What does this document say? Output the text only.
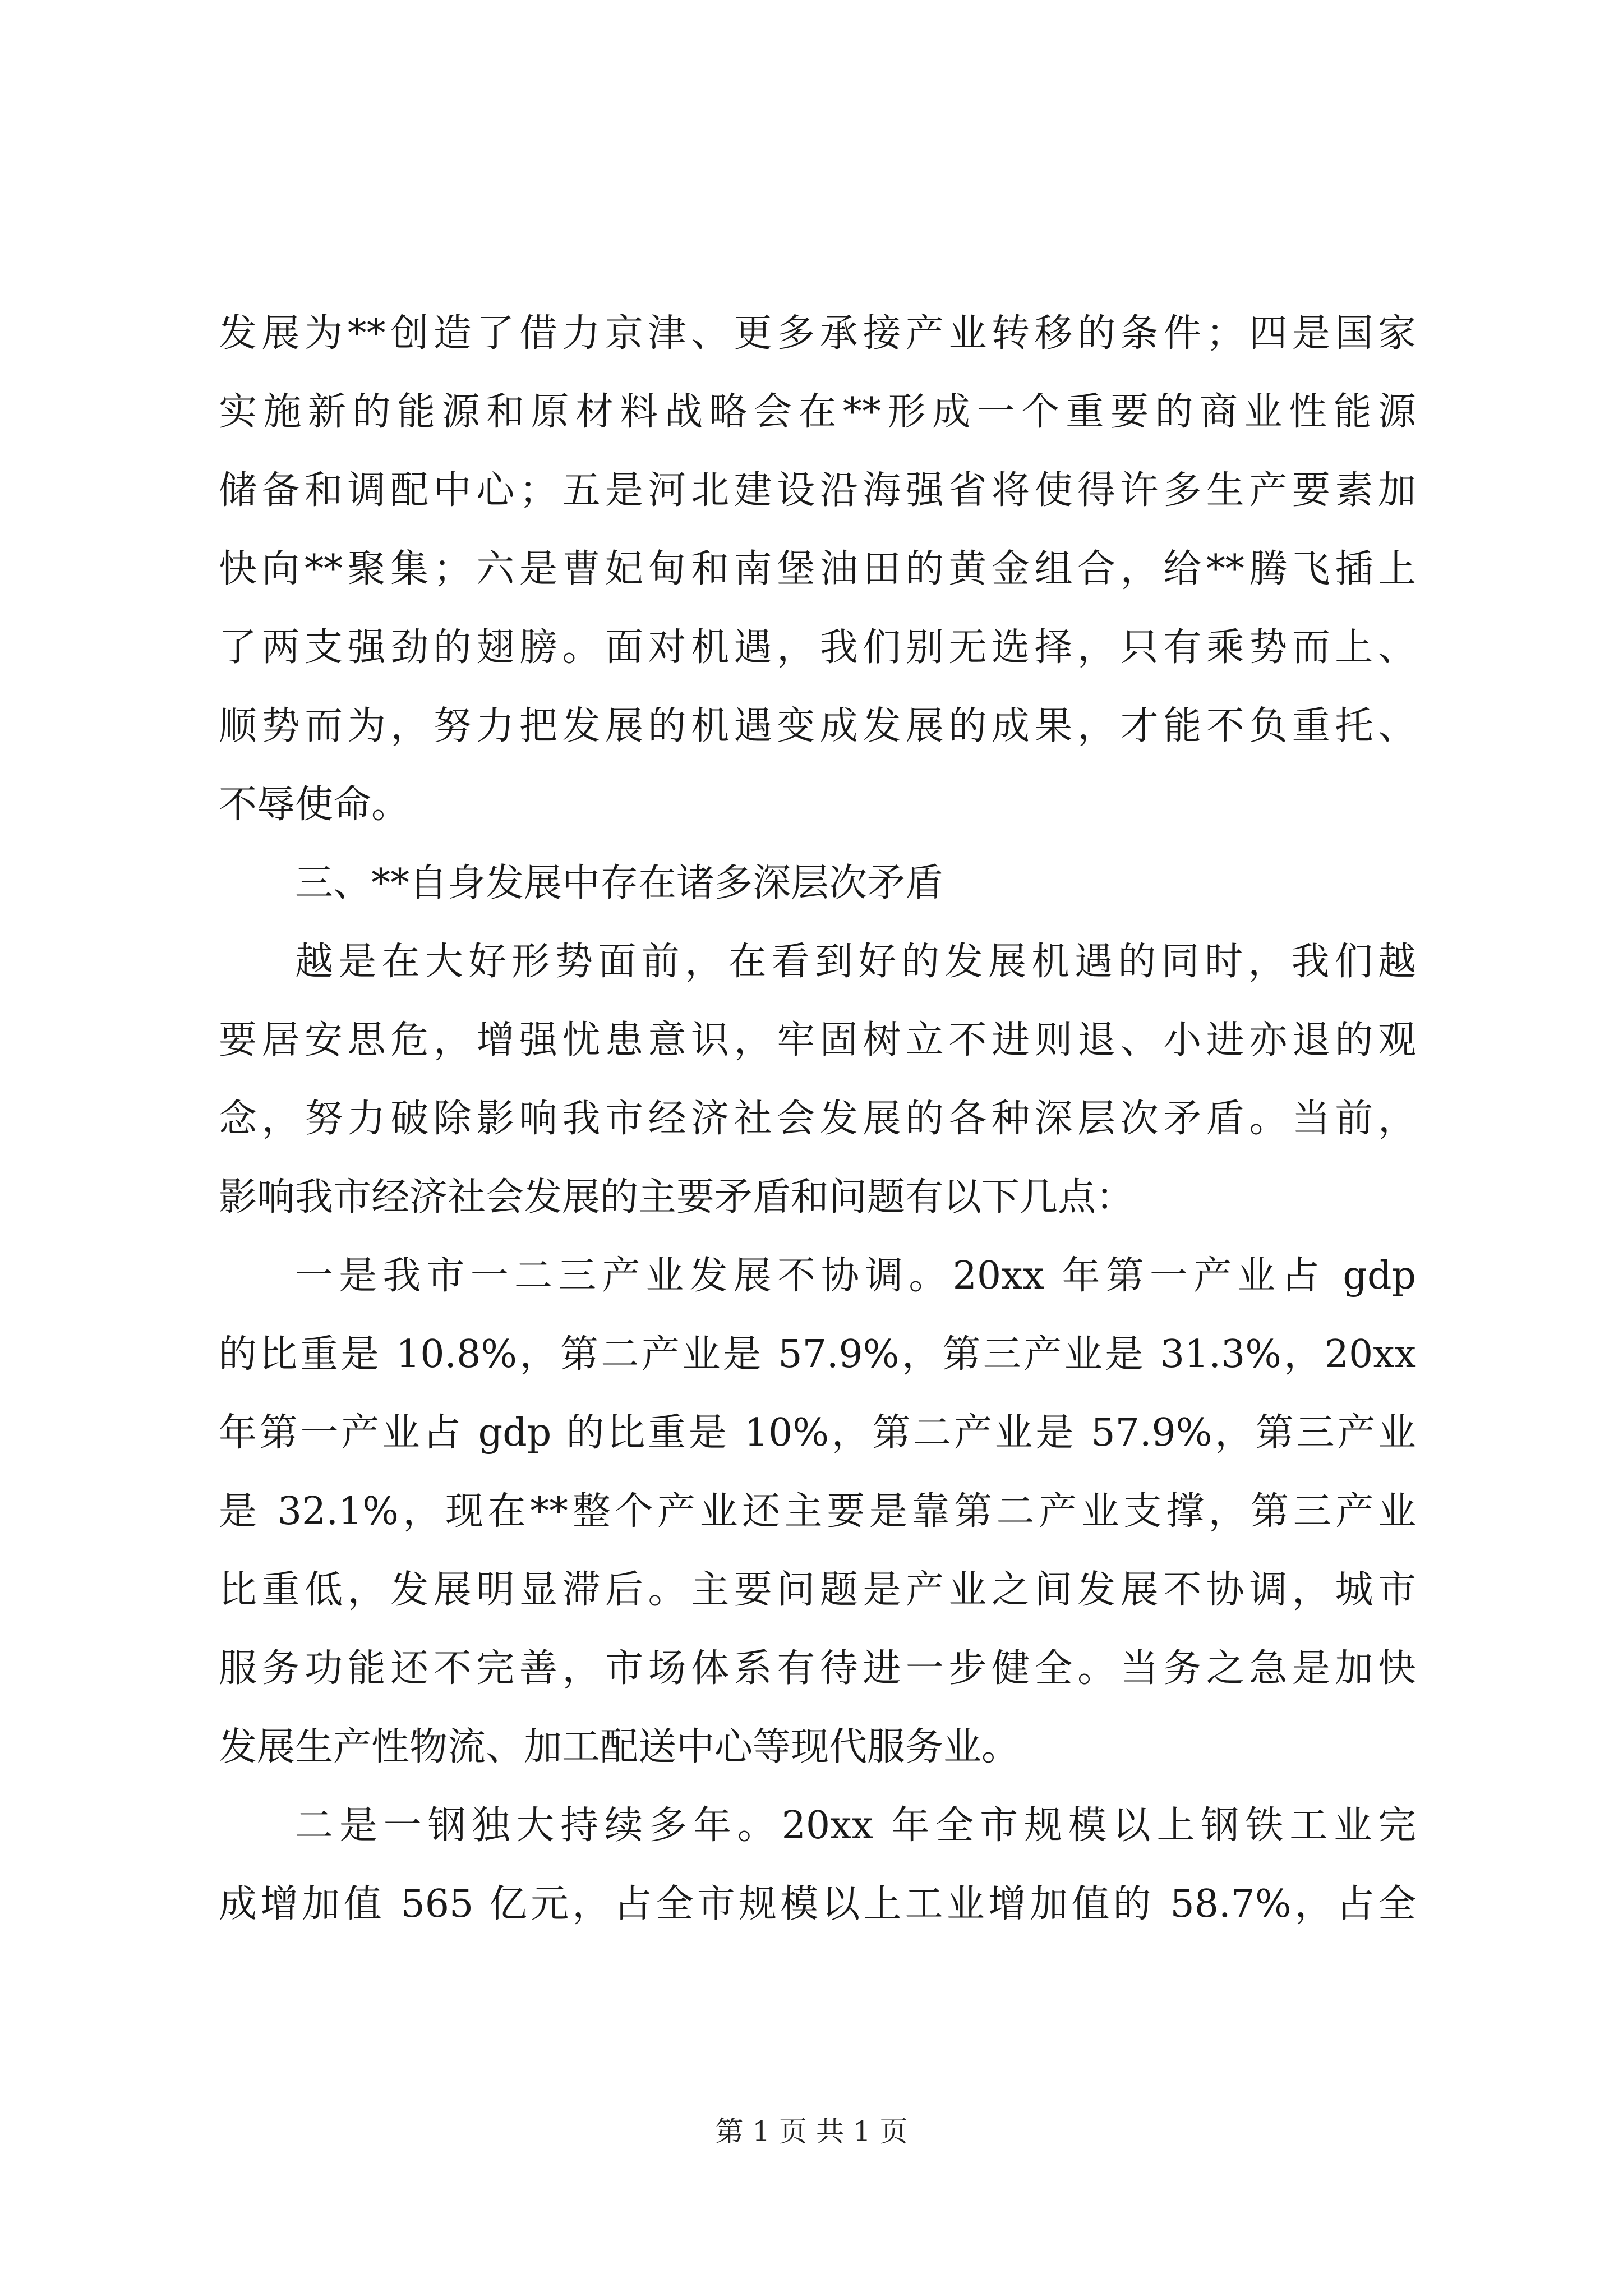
发展为**创造了借力京津、更多承接产业转移的条件；四是国家
实施新的能源和原材料战略会在**形成一个重要的商业性能源
储备和调配中心；五是河北建设沿海强省将使得许多生产要素加
快向**聚集；六是曹妃甸和南堡油田的黄金组合，给**腾飞插上
了两支强劲的翅膀。面对机遇，我们别无选择，只有乘势而上、
顺势而为，努力把发展的机遇变成发展的成果，才能不负重托、
不辱使命。
三、**自身发展中存在诸多深层次矛盾
越是在大好形势面前，在看到好的发展机遇的同时，我们越
要居安思危，增强忧患意识，牢固树立不进则退、小进亦退的观
念，努力破除影响我市经济社会发展的各种深层次矛盾。当前，
影响我市经济社会发展的主要矛盾和问题有以下几点：
一是我市一二三产业发展不协调。20xx 年第一产业占 gdp
的比重是 10.8%，第二产业是 57.9%，第三产业是 31.3%，20xx
年第一产业占 gdp 的比重是 10%，第二产业是 57.9%，第三产业
是 32.1%，现在**整个产业还主要是靠第二产业支撑，第三产业
比重低，发展明显滞后。主要问题是产业之间发展不协调，城市
服务功能还不完善，市场体系有待进一步健全。当务之急是加快
发展生产性物流、加工配送中心等现代服务业。
二是一钢独大持续多年。20xx 年全市规模以上钢铁工业完
成增加值 565 亿元，占全市规模以上工业增加值的 58.7%，占全
第 1 页 共 1 页
